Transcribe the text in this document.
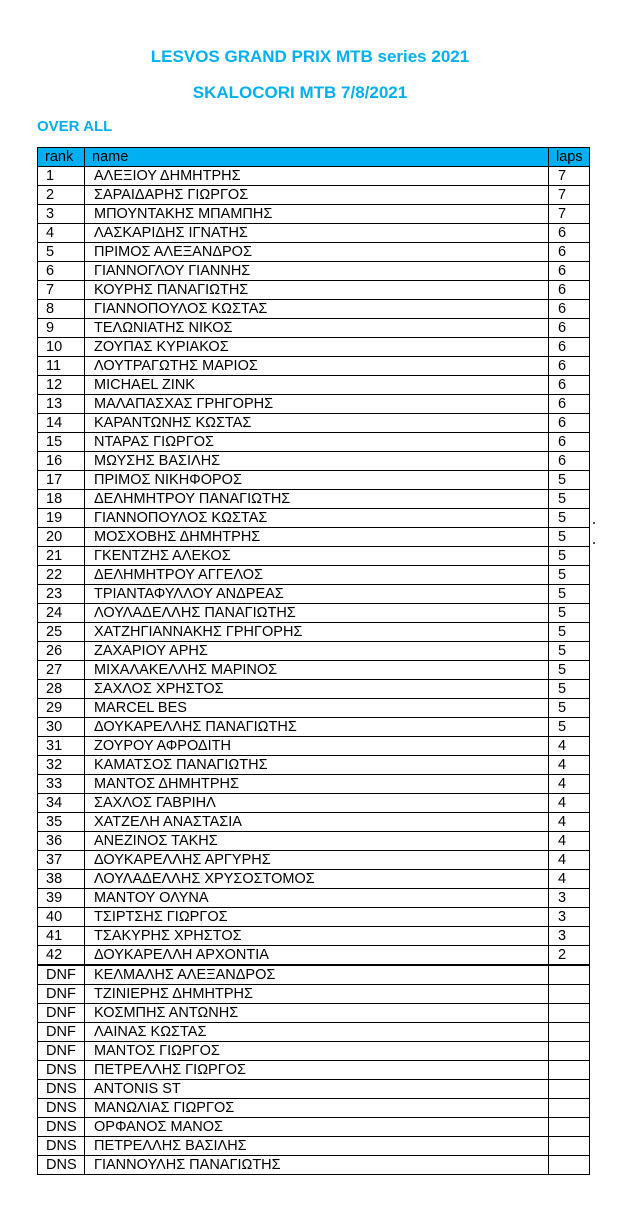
LESVOS GRAND PRIX MTB series 2021
SKALOCORI MTB 7/8/2021
OVER ALL
rank	name	laps
1	ΑΛΕΞΙΟΥ ΔΗΜΗΤΡΗΣ	7
2	ΣΑΡΑΙΔΑΡΗΣ ΓΙΩΡΓΟΣ	7
3	ΜΠΟΥΝΤΑΚΗΣ ΜΠΑΜΠΗΣ	7
4	ΛΑΣΚΑΡΙΔΗΣ ΙΓΝΑΤΗΣ	6
5	ΠΡΙΜΟΣ ΑΛΕΞΑΝΔΡΟΣ	6
6	ΓΙΑΝΝΟΓΛΟΥ ΓΙΑΝΝΗΣ	6
7	ΚΟΥΡΗΣ ΠΑΝΑΓΙΩΤΗΣ	6
8	ΓΙΑΝΝΟΠΟΥΛΟΣ ΚΩΣΤΑΣ	6
9	ΤΕΛΩΝΙΑΤΗΣ ΝΙΚΟΣ	6
10	ΖΟΥΠΑΣ ΚΥΡΙΑΚΟΣ	6
11	ΛΟΥΤΡΑΓΩΤΗΣ ΜΑΡΙΟΣ	6
12	MICHAEL ZINK	6
13	ΜΑΛΑΠΑΣΧΑΣ ΓΡΗΓΟΡΗΣ	6
14	ΚΑΡΑΝΤΩΝΗΣ ΚΩΣΤΑΣ	6
15	ΝΤΑΡΑΣ ΓΙΩΡΓΟΣ	6
16	ΜΩΥΣΗΣ ΒΑΣΙΛΗΣ	6
17	ΠΡΙΜΟΣ ΝΙΚΗΦΟΡΟΣ	5
18	ΔΕΛΗΜΗΤΡΟΥ ΠΑΝΑΓΙΩΤΗΣ	5
19	ΓΙΑΝΝΟΠΟΥΛΟΣ ΚΩΣΤΑΣ	5
20	ΜΟΣΧΟΒΗΣ ΔΗΜΗΤΡΗΣ	5
21	ΓΚΕΝΤΖΗΣ ΑΛΕΚΟΣ	5
22	ΔΕΛΗΜΗΤΡΟΥ ΑΓΓΕΛΟΣ	5
23	ΤΡΙΑΝΤΑΦΥΛΛΟΥ ΑΝΔΡΕΑΣ	5
24	ΛΟΥΛΑΔΕΛΛΗΣ ΠΑΝΑΓΙΩΤΗΣ	5
25	ΧΑΤΖΗΓΙΑΝΝΑΚΗΣ ΓΡΗΓΟΡΗΣ	5
26	ΖΑΧΑΡΙΟΥ ΑΡΗΣ	5
27	ΜΙΧΑΛΑΚΕΛΛΗΣ ΜΑΡΙΝΟΣ	5
28	ΣΑΧΛΟΣ ΧΡΗΣΤΟΣ	5
29	MARCEL BES	5
30	ΔΟΥΚΑΡΕΛΛΗΣ ΠΑΝΑΓΙΩΤΗΣ	5
31	ΖΟΥΡΟΥ ΑΦΡΟΔΙΤΗ	4
32	ΚΑΜΑΤΣΟΣ ΠΑΝΑΓΙΩΤΗΣ	4
33	ΜΑΝΤΟΣ ΔΗΜΗΤΡΗΣ	4
34	ΣΑΧΛΟΣ ΓΑΒΡΙΗΛ	4
35	ΧΑΤΖΕΛΗ ΑΝΑΣΤΑΣΙΑ	4
36	ΑΝΕΖΙΝΟΣ ΤΑΚΗΣ	4
37	ΔΟΥΚΑΡΕΛΛΗΣ ΑΡΓΥΡΗΣ	4
38	ΛΟΥΛΑΔΕΛΛΗΣ ΧΡΥΣΟΣΤΟΜΟΣ	4
39	ΜΑΝΤΟΥ ΟΛΥΝΑ	3
40	ΤΣΙΡΤΣΗΣ ΓΙΩΡΓΟΣ	3
41	ΤΣΑΚΥΡΗΣ ΧΡΗΣΤΟΣ	3
42	ΔΟΥΚΑΡΕΛΛΗ ΑΡΧΟΝΤΙΑ	2
DNF	ΚΕΛΜΑΛΗΣ ΑΛΕΞΑΝΔΡΟΣ	
DNF	ΤΖΙΝΙΕΡΗΣ ΔΗΜΗΤΡΗΣ	
DNF	ΚΟΣΜΠΗΣ ΑΝΤΩΝΗΣ	
DNF	ΛΑΙΝΑΣ ΚΩΣΤΑΣ	
DNF	ΜΑΝΤΟΣ ΓΙΩΡΓΟΣ	
DNS	ΠΕΤΡΕΛΛΗΣ ΓΙΩΡΓΟΣ	
DNS	ANTONIS ST	
DNS	ΜΑΝΩΛΙΑΣ ΓΙΩΡΓΟΣ	
DNS	ΟΡΦΑΝΟΣ ΜΑΝΟΣ	
DNS	ΠΕΤΡΕΛΛΗΣ ΒΑΣΙΛΗΣ	
DNS	ΓΙΑΝΝΟΥΛΗΣ ΠΑΝΑΓΙΩΤΗΣ	
